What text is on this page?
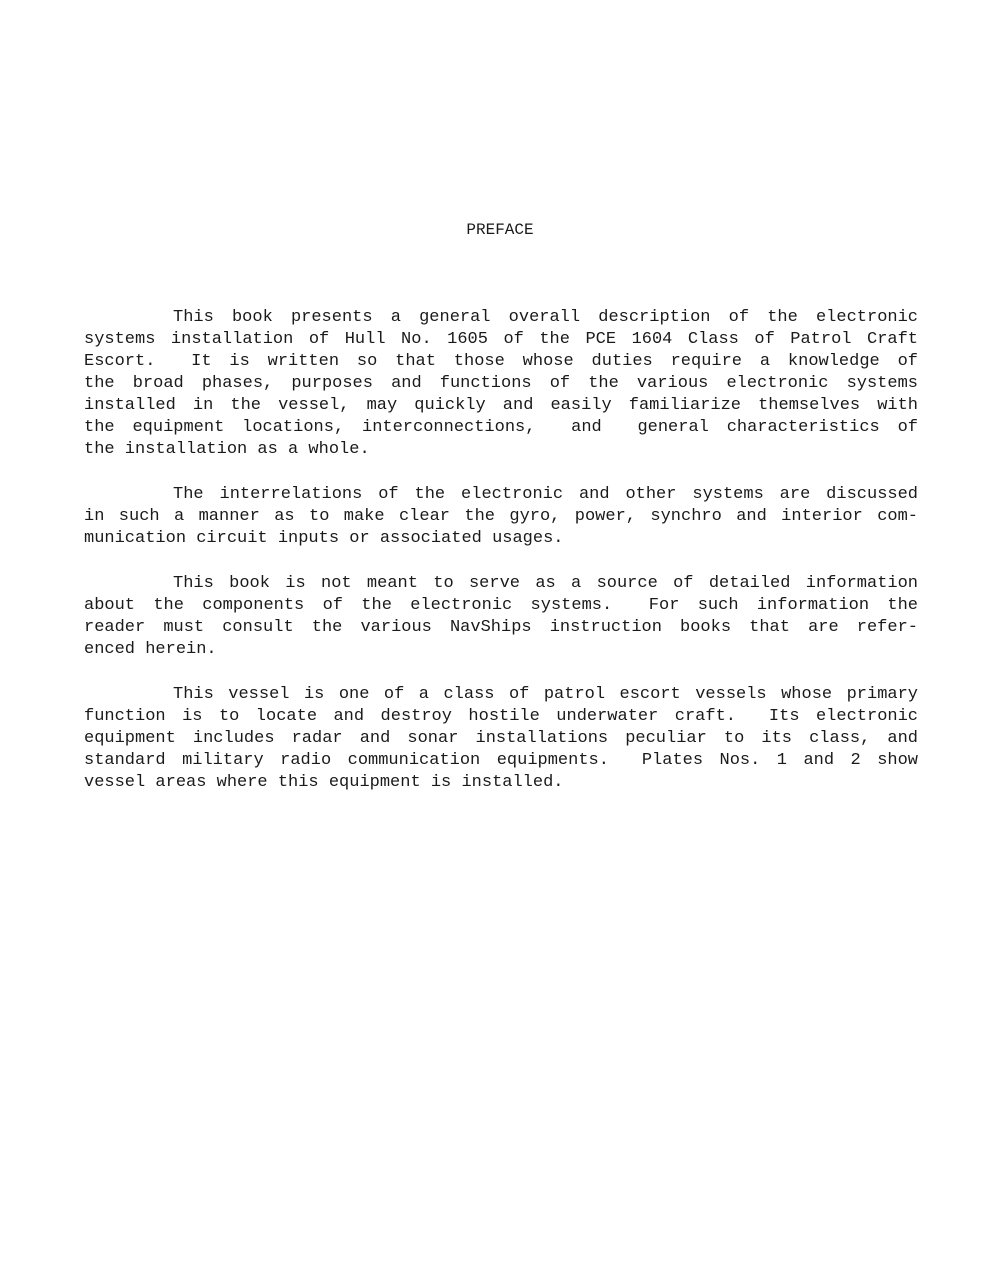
PREFACE
This book presents a general overall description of the electronic
systems installation of Hull No. 1605 of the PCE 1604 Class of Patrol Craft
Escort.  It is written so that those whose duties require a knowledge of
the broad phases, purposes and functions of the various electronic systems
installed in the vessel, may quickly and easily familiarize themselves with
the equipment locations, interconnections,  and  general characteristics of
the installation as a whole.
The interrelations of the electronic and other systems are discussed
in such a manner as to make clear the gyro, power, synchro and interior com-
munication circuit inputs or associated usages.
This book is not meant to serve as a source of detailed information
about the components of the electronic systems.  For such information the
reader must consult the various NavShips instruction books that are refer-
enced herein.
This vessel is one of a class of patrol escort vessels whose primary
function is to locate and destroy hostile underwater craft.  Its electronic
equipment includes radar and sonar installations peculiar to its class, and
standard military radio communication equipments.  Plates Nos. 1 and 2 show
vessel areas where this equipment is installed.
